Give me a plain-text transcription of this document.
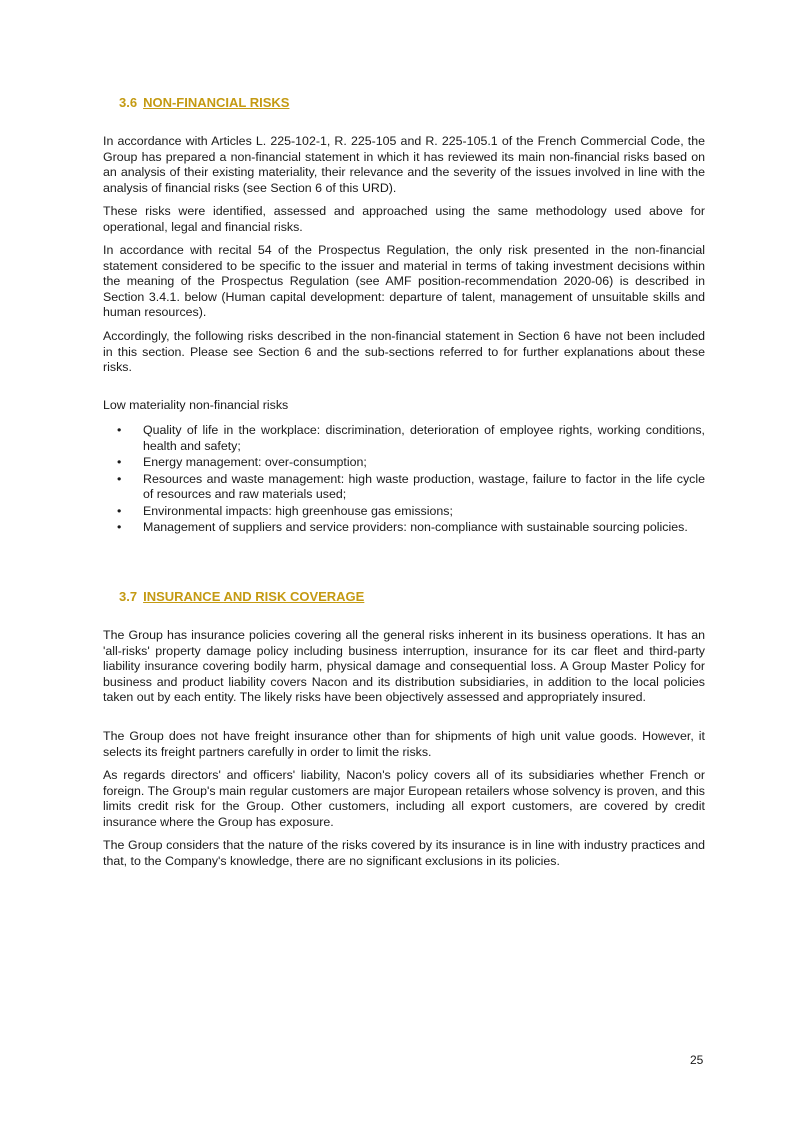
3.6 NON-FINANCIAL RISKS

In accordance with Articles L. 225-102-1, R. 225-105 and R. 225-105.1 of the French Commercial Code, the Group has prepared a non-financial statement in which it has reviewed its main non-financial risks based on an analysis of their existing materiality, their relevance and the severity of the issues involved in line with the analysis of financial risks (see Section 6 of this URD).

These risks were identified, assessed and approached using the same methodology used above for operational, legal and financial risks.

In accordance with recital 54 of the Prospectus Regulation, the only risk presented in the non-financial statement considered to be specific to the issuer and material in terms of taking investment decisions within the meaning of the Prospectus Regulation (see AMF position-recommendation 2020-06) is described in Section 3.4.1. below (Human capital development: departure of talent, management of unsuitable skills and human resources).

Accordingly, the following risks described in the non-financial statement in Section 6 have not been included in this section. Please see Section 6 and the sub-sections referred to for further explanations about these risks.

Low materiality non-financial risks

• Quality of life in the workplace: discrimination, deterioration of employee rights, working conditions, health and safety;
• Energy management: over-consumption;
• Resources and waste management: high waste production, wastage, failure to factor in the life cycle of resources and raw materials used;
• Environmental impacts: high greenhouse gas emissions;
• Management of suppliers and service providers: non-compliance with sustainable sourcing policies.
3.7 INSURANCE AND RISK COVERAGE

The Group has insurance policies covering all the general risks inherent in its business operations. It has an 'all-risks' property damage policy including business interruption, insurance for its car fleet and third-party liability insurance covering bodily harm, physical damage and consequential loss. A Group Master Policy for business and product liability covers Nacon and its distribution subsidiaries, in addition to the local policies taken out by each entity. The likely risks have been objectively assessed and appropriately insured.

The Group does not have freight insurance other than for shipments of high unit value goods. However, it selects its freight partners carefully in order to limit the risks.

As regards directors' and officers' liability, Nacon's policy covers all of its subsidiaries whether French or foreign. The Group's main regular customers are major European retailers whose solvency is proven, and this limits credit risk for the Group. Other customers, including all export customers, are covered by credit insurance where the Group has exposure.

The Group considers that the nature of the risks covered by its insurance is in line with industry practices and that, to the Company's knowledge, there are no significant exclusions in its policies.

25
